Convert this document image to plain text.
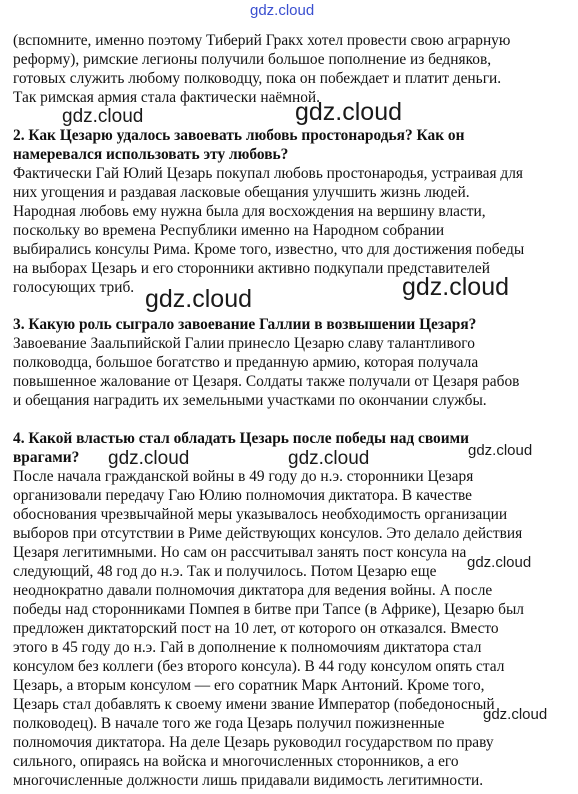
(вспомните, именно поэтому Тиберий Гракх хотел провести свою аграрную
реформу), римские легионы получили большое пополнение из бедняков,
готовых служить любому полководцу, пока он побеждает и платит деньги.
Так римская армия стала фактически наёмной.
2. Как Цезарю удалось завоевать любовь простонародья? Как он
намеревался использовать эту любовь?
Фактически Гай Юлий Цезарь покупал любовь простонародья, устраивая для
них угощения и раздавая ласковые обещания улучшить жизнь людей.
Народная любовь ему нужна была для восхождения на вершину власти,
поскольку во времена Республики именно на Народном собрании
выбирались консулы Рима. Кроме того, известно, что для достижения победы
на выборах Цезарь и его сторонники активно подкупали представителей
голосующих триб.
3. Какую роль сыграло завоевание Галлии в возвышении Цезаря?
Завоевание Заальпийской Галии принесло Цезарю славу талантливого
полководца, большое богатство и преданную армию, которая получала
повышенное жалование от Цезаря. Солдаты также получали от Цезаря рабов
и обещания наградить их земельными участками по окончании службы.
4. Какой властью стал обладать Цезарь после победы над своими
врагами?
После начала гражданской войны в 49 году до н.э. сторонники Цезаря
организовали передачу Гаю Юлию полномочия диктатора. В качестве
обоснования чрезвычайной меры указывалось необходимость организации
выборов при отсутствии в Риме действующих консулов. Это делало действия
Цезаря легитимными. Но сам он рассчитывал занять пост консула на
следующий, 48 год до н.э. Так и получилось. Потом Цезарю еще
неоднократно давали полномочия диктатора для ведения войны. А после
победы над сторонниками Помпея в битве при Тапсе (в Африке), Цезарю был
предложен диктаторский пост на 10 лет, от которого он отказался. Вместо
этого в 45 году до н.э. Гай в дополнение к полномочиям диктатора стал
консулом без коллеги (без второго консула). В 44 году консулом опять стал
Цезарь, а вторым консулом — его соратник Марк Антоний. Кроме того,
Цезарь стал добавлять к своему имени звание Император (победоносный
полководец). В начале того же года Цезарь получил пожизненные
полномочия диктатора. На деле Цезарь руководил государством по праву
сильного, опираясь на войска и многочисленных сторонников, а его
многочисленные должности лишь придавали видимость легитимности.
gdz.cloud
gdz.cloud
gdz.cloud
gdz.cloud	gdz.cloud
gdz.cloud	gdz.cloud	gdz.cloud
gdz.cloud
gdz.cloud
